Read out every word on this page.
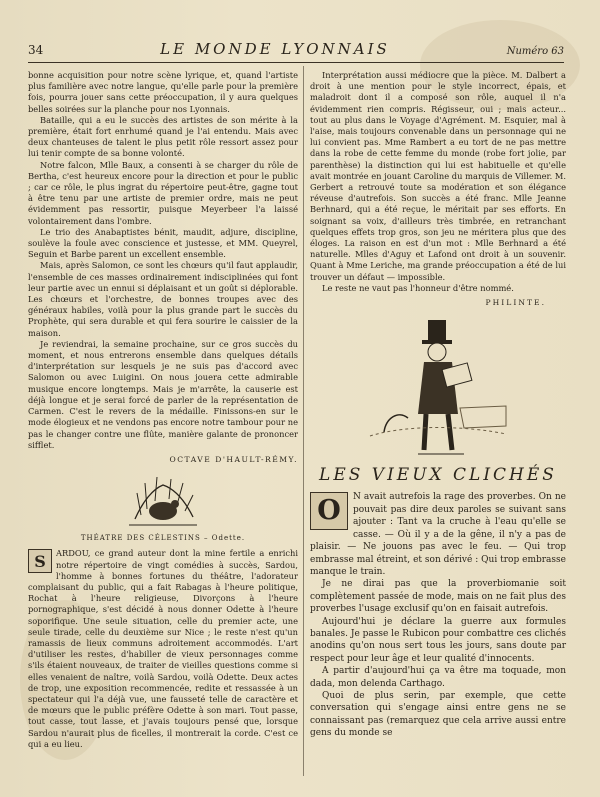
34	LE MONDE LYONNAIS	Numéro 63

bonne acquisition pour notre scène lyrique, et, quand l'artiste plus familière avec notre langue, qu'elle parle pour la première fois, pourra jouer sans cette préoccupation, il y aura quelques belles soirées sur la planche pour nos Lyonnais.

Bataille, qui a eu le succès des artistes de son mérite à la première, était fort enrhumé quand je l'ai entendu. Mais avec deux chanteuses de talent le plus petit rôle ressort assez pour lui tenir compte de sa bonne volonté.

Notre falcon, Mlle Baux, a consenti à se charger du rôle de Bertha, c'est heureux encore pour la direction et pour le public ; car ce rôle, le plus ingrat du répertoire peut-être, gagne tout à être tenu par une artiste de premier ordre, mais ne peut évidemment pas ressortir, puisque Meyerbeer l'a laissé volontairement dans l'ombre.

Le trio des Anabaptistes bénit, maudit, adjure, discipline, soulève la foule avec conscience et justesse, et MM. Queyrel, Seguin et Barbe parent un excellent ensemble.

Mais, après Salomon, ce sont les chœurs qu'il faut applaudir, l'ensemble de ces masses ordinairement indisciplinées qui font leur partie avec un ennui si déplaisant et un goût si déplorable. Les chœurs et l'orchestre, de bonnes troupes avec des généraux habiles, voilà pour la plus grande part le succès du Prophète, qui sera durable et qui fera sourire le caissier de la maison.

Je reviendrai, la semaine prochaine, sur ce gros succès du moment, et nous entrerons ensemble dans quelques détails d'interprétation sur lesquels je ne suis pas d'accord avec Salomon ou avec Luigini. On nous jouera cette admirable musique encore longtemps. Mais je m'arrête, la causerie est déjà longue et je serai forcé de parler de la représentation de Carmen. C'est le revers de la médaille. Finissons-en sur le mode élogieux et ne vendons pas encore notre tambour pour ne pas le changer contre une flûte, manière galante de prononcer sifflet.

OCTAVE D'HAULT-RÉMY.

THÉATRE DES CÉLESTINS – Odette.

S	ARDOU, ce grand auteur dont la mine fertile a enrichi notre répertoire de vingt comédies à succès, Sardou, l'homme à bonnes fortunes du théâtre, l'adorateur complaisant du public, qui a fait Rabagas à l'heure politique, Rochat à l'heure religieuse, Divorçons à l'heure pornographique, s'est décidé à nous donner Odette à l'heure soporifique. Une seule situation, celle du premier acte, une seule tirade, celle du deuxième sur Nice ; le reste n'est qu'un ramassis de lieux communs adroitement accommodés. L'art d'utiliser les restes, d'habiller de vieux personnages comme s'ils étaient nouveaux, de traiter de vieilles questions comme si elles venaient de naître, voilà Sardou, voilà Odette. Deux actes de trop, une exposition recommencée, redite et ressassée à un spectateur qui l'a déjà vue, une fausseté telle de caractère et de mœurs que le public préfère Odette à son mari. Tout passe, tout casse, tout lasse, et j'avais toujours pensé que, lorsque Sardou n'aurait plus de ficelles, il montrerait la corde. C'est ce qui a eu lieu.

Interprétation aussi médiocre que la pièce. M. Dalbert a droit à une mention pour le style incorrect, épais, et maladroit dont il a composé son rôle, auquel il n'a évidemment rien compris. Régisseur, oui ; mais acteur... tout au plus dans le Voyage d'Agrément. M. Esquier, mal à l'aise, mais toujours convenable dans un personnage qui ne lui convient pas. Mme Rambert a eu tort de ne pas mettre dans la robe de cette femme du monde (robe fort jolie, par parenthèse) la distinction qui lui est habituelle et qu'elle avait montrée en jouant Caroline du marquis de Villemer. M. Gerbert a retrouvé toute sa modération et son élégance réveuse d'autrefois. Son succès a été franc. Mlle Jeanne Berhnard, qui a été reçue, le méritait par ses efforts. En soignant sa voix, d'ailleurs très timbrée, en retranchant quelques effets trop gros, son jeu ne méritera plus que des éloges. La raison en est d'un mot : Mlle Berhnard a été naturelle. Mlles d'Aguy et Lafond ont droit à un souvenir. Quant à Mme Leriche, ma grande préoccupation a été de lui trouver un défaut — impossible.

Le reste ne vaut pas l'honneur d'être nommé.

PHILINTE.

LES VIEUX CLICHÉS

O	N avait autrefois la rage des proverbes. On ne pouvait pas dire deux paroles se suivant sans ajouter : Tant va la cruche à l'eau qu'elle se casse. — Où il y a de la gêne, il n'y a pas de plaisir. — Ne jouons pas avec le feu. — Qui trop embrasse mal étreint, et son dérivé : Qui trop embrasse manque le train.

Je ne dirai pas que la proverbiomanie soit complètement passée de mode, mais on ne fait plus des proverbes l'usage exclusif qu'on en faisait autrefois.

Aujourd'hui je déclare la guerre aux formules banales. Je passe le Rubicon pour combattre ces clichés anodins qu'on nous sert tous les jours, sans doute par respect pour leur âge et leur qualité d'innocents.

A partir d'aujourd'hui ça va être ma toquade, mon dada, mon delenda Carthago.

Quoi de plus serin, par exemple, que cette conversation qui s'engage ainsi entre gens ne se connaissant pas (remarquez que cela arrive aussi entre gens du monde se
